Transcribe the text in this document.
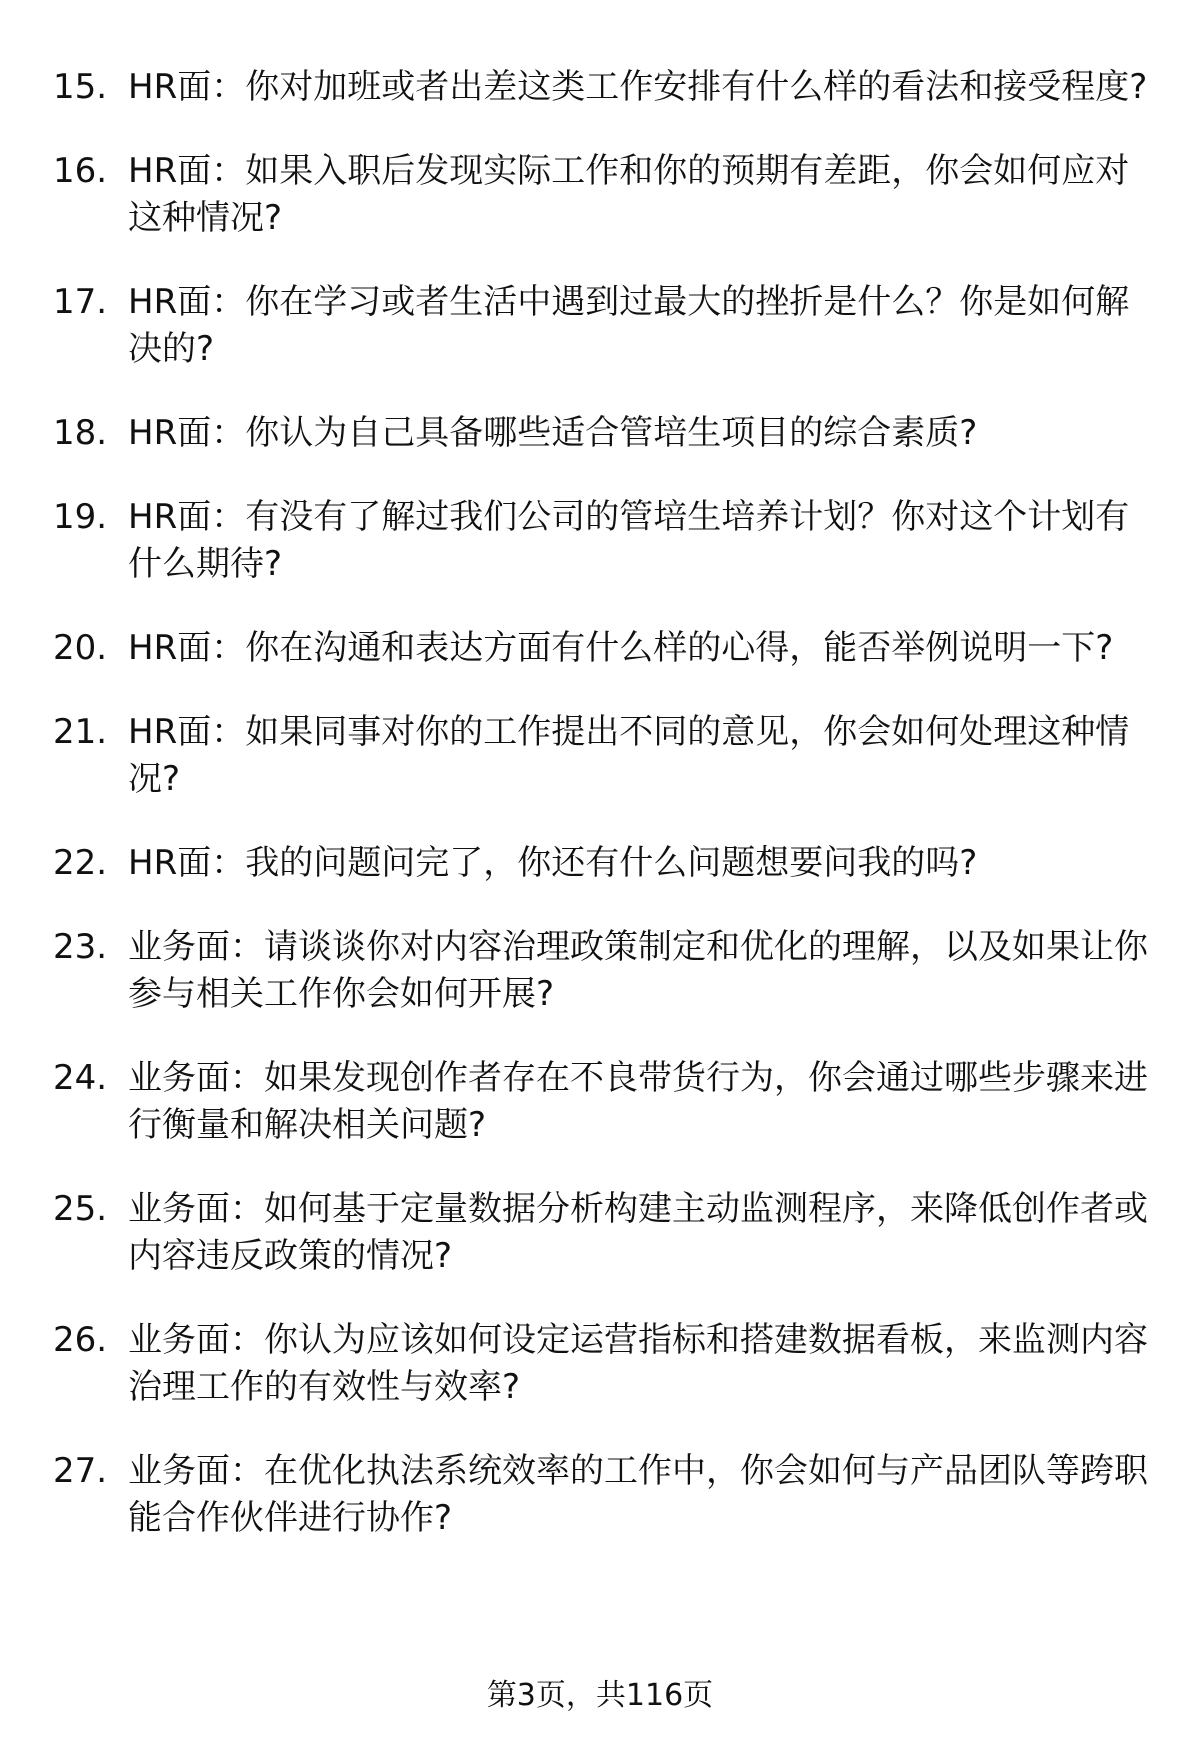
15. HR面：你对加班或者出差这类工作安排有什么样的看法和接受程度?
16. HR面：如果入职后发现实际工作和你的预期有差距，你会如何应对这种情况?
17. HR面：你在学习或者生活中遇到过最大的挫折是什么？你是如何解决的?
18. HR面：你认为自己具备哪些适合管培生项目的综合素质?
19. HR面：有没有了解过我们公司的管培生培养计划？你对这个计划有什么期待?
20. HR面：你在沟通和表达方面有什么样的心得，能否举例说明一下?
21. HR面：如果同事对你的工作提出不同的意见，你会如何处理这种情况?
22. HR面：我的问题问完了，你还有什么问题想要问我的吗?
23. 业务面：请谈谈你对内容治理政策制定和优化的理解，以及如果让你参与相关工作你会如何开展?
24. 业务面：如果发现创作者存在不良带货行为，你会通过哪些步骤来进行衡量和解决相关问题?
25. 业务面：如何基于定量数据分析构建主动监测程序，来降低创作者或内容违反政策的情况?
26. 业务面：你认为应该如何设定运营指标和搭建数据看板，来监测内容治理工作的有效性与效率?
27. 业务面：在优化执法系统效率的工作中，你会如何与产品团队等跨职能合作伙伴进行协作?
第3页，共116页
